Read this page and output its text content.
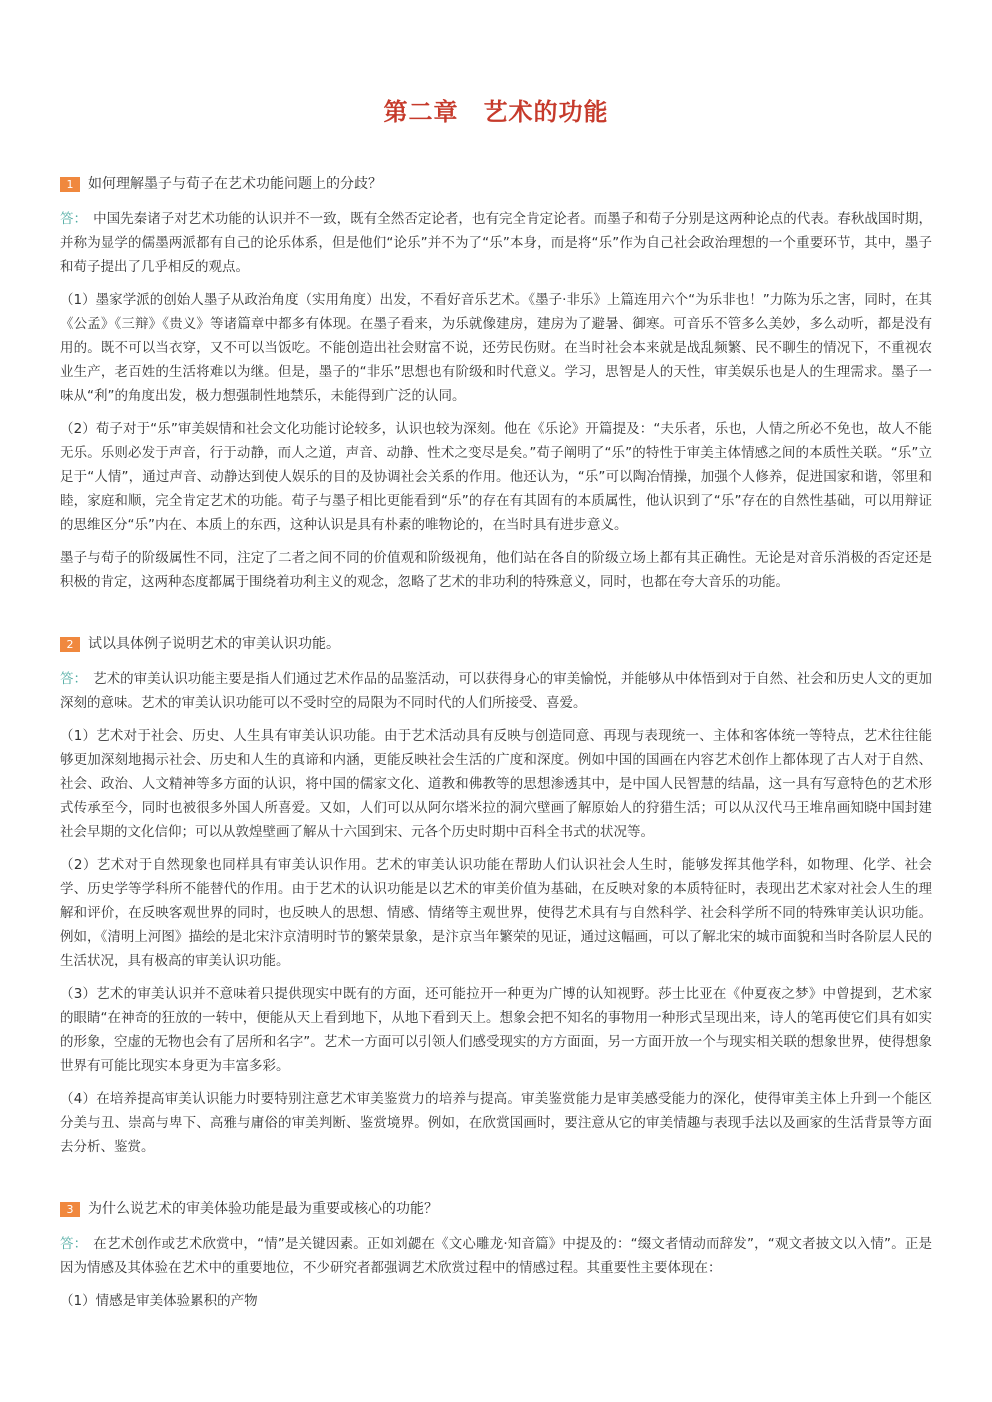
第二章　艺术的功能
1	如何理解墨子与荀子在艺术功能问题上的分歧？

答： 中国先秦诸子对艺术功能的认识并不一致，既有全然否定论者，也有完全肯定论者。而墨子和荀子分别是这两种论点的代表。春秋战国时期，并称为显学的儒墨两派都有自己的论乐体系，但是他们“论乐”并不为了“乐”本身，而是将“乐”作为自己社会政治理想的一个重要环节，其中，墨子和荀子提出了几乎相反的观点。

（1）墨家学派的创始人墨子从政治角度（实用角度）出发，不看好音乐艺术。《墨子·非乐》上篇连用六个“为乐非也！”力陈为乐之害，同时，在其《公孟》《三辩》《贵义》等诸篇章中都多有体现。在墨子看来，为乐就像建房，建房为了避暑、御寒。可音乐不管多么美妙，多么动听，都是没有用的。既不可以当衣穿，又不可以当饭吃。不能创造出社会财富不说，还劳民伤财。在当时社会本来就是战乱频繁、民不聊生的情况下，不重视农业生产，老百姓的生活将难以为继。但是，墨子的“非乐”思想也有阶级和时代意义。学习，思智是人的天性，审美娱乐也是人的生理需求。墨子一味从“利”的角度出发，极力想强制性地禁乐，未能得到广泛的认同。

（2）荀子对于“乐”审美娱情和社会文化功能讨论较多，认识也较为深刻。他在《乐论》开篇提及：“夫乐者，乐也，人情之所必不免也，故人不能无乐。乐则必发于声音，行于动静，而人之道，声音、动静、性术之变尽是矣。”荀子阐明了“乐”的特性于审美主体情感之间的本质性关联。“乐”立足于“人情”，通过声音、动静达到使人娱乐的目的及协调社会关系的作用。他还认为，“乐”可以陶冶情操，加强个人修养，促进国家和谐，邻里和睦，家庭和顺，完全肯定艺术的功能。荀子与墨子相比更能看到“乐”的存在有其固有的本质属性，他认识到了“乐”存在的自然性基础，可以用辩证的思维区分“乐”内在、本质上的东西，这种认识是具有朴素的唯物论的，在当时具有进步意义。

墨子与荀子的阶级属性不同，注定了二者之间不同的价值观和阶级视角，他们站在各自的阶级立场上都有其正确性。无论是对音乐消极的否定还是积极的肯定，这两种态度都属于围绕着功利主义的观念，忽略了艺术的非功利的特殊意义，同时，也都在夸大音乐的功能。

2	试以具体例子说明艺术的审美认识功能。

答： 艺术的审美认识功能主要是指人们通过艺术作品的品鉴活动，可以获得身心的审美愉悦，并能够从中体悟到对于自然、社会和历史人文的更加深刻的意味。艺术的审美认识功能可以不受时空的局限为不同时代的人们所接受、喜爱。

（1）艺术对于社会、历史、人生具有审美认识功能。由于艺术活动具有反映与创造同意、再现与表现统一、主体和客体统一等特点，艺术往往能够更加深刻地揭示社会、历史和人生的真谛和内涵，更能反映社会生活的广度和深度。例如中国的国画在内容艺术创作上都体现了古人对于自然、社会、政治、人文精神等多方面的认识，将中国的儒家文化、道教和佛教等的思想渗透其中，是中国人民智慧的结晶，这一具有写意特色的艺术形式传承至今，同时也被很多外国人所喜爱。又如，人们可以从阿尔塔米拉的洞穴壁画了解原始人的狩猎生活；可以从汉代马王堆帛画知晓中国封建社会早期的文化信仰；可以从敦煌壁画了解从十六国到宋、元各个历史时期中百科全书式的状况等。

（2）艺术对于自然现象也同样具有审美认识作用。艺术的审美认识功能在帮助人们认识社会人生时，能够发挥其他学科，如物理、化学、社会学、历史学等学科所不能替代的作用。由于艺术的认识功能是以艺术的审美价值为基础，在反映对象的本质特征时，表现出艺术家对社会人生的理解和评价，在反映客观世界的同时，也反映人的思想、情感、情绪等主观世界，使得艺术具有与自然科学、社会科学所不同的特殊审美认识功能。例如，《清明上河图》描绘的是北宋汴京清明时节的繁荣景象，是汴京当年繁荣的见证，通过这幅画，可以了解北宋的城市面貌和当时各阶层人民的生活状况，具有极高的审美认识功能。

（3）艺术的审美认识并不意味着只提供现实中既有的方面，还可能拉开一种更为广博的认知视野。莎士比亚在《仲夏夜之梦》中曾提到，艺术家的眼睛“在神奇的狂放的一转中，便能从天上看到地下，从地下看到天上。想象会把不知名的事物用一种形式呈现出来，诗人的笔再使它们具有如实的形象，空虚的无物也会有了居所和名字”。艺术一方面可以引领人们感受现实的方方面面，另一方面开放一个与现实相关联的想象世界，使得想象世界有可能比现实本身更为丰富多彩。

（4）在培养提高审美认识能力时要特别注意艺术审美鉴赏力的培养与提高。审美鉴赏能力是审美感受能力的深化，使得审美主体上升到一个能区分美与丑、崇高与卑下、高雅与庸俗的审美判断、鉴赏境界。例如，在欣赏国画时，要注意从它的审美情趣与表现手法以及画家的生活背景等方面去分析、鉴赏。

3	为什么说艺术的审美体验功能是最为重要或核心的功能？

答： 在艺术创作或艺术欣赏中，“情”是关键因素。正如刘勰在《文心雕龙·知音篇》中提及的：“缀文者情动而辞发”，“观文者披文以入情”。正是因为情感及其体验在艺术中的重要地位，不少研究者都强调艺术欣赏过程中的情感过程。其重要性主要体现在：

（1）情感是审美体验累积的产物
